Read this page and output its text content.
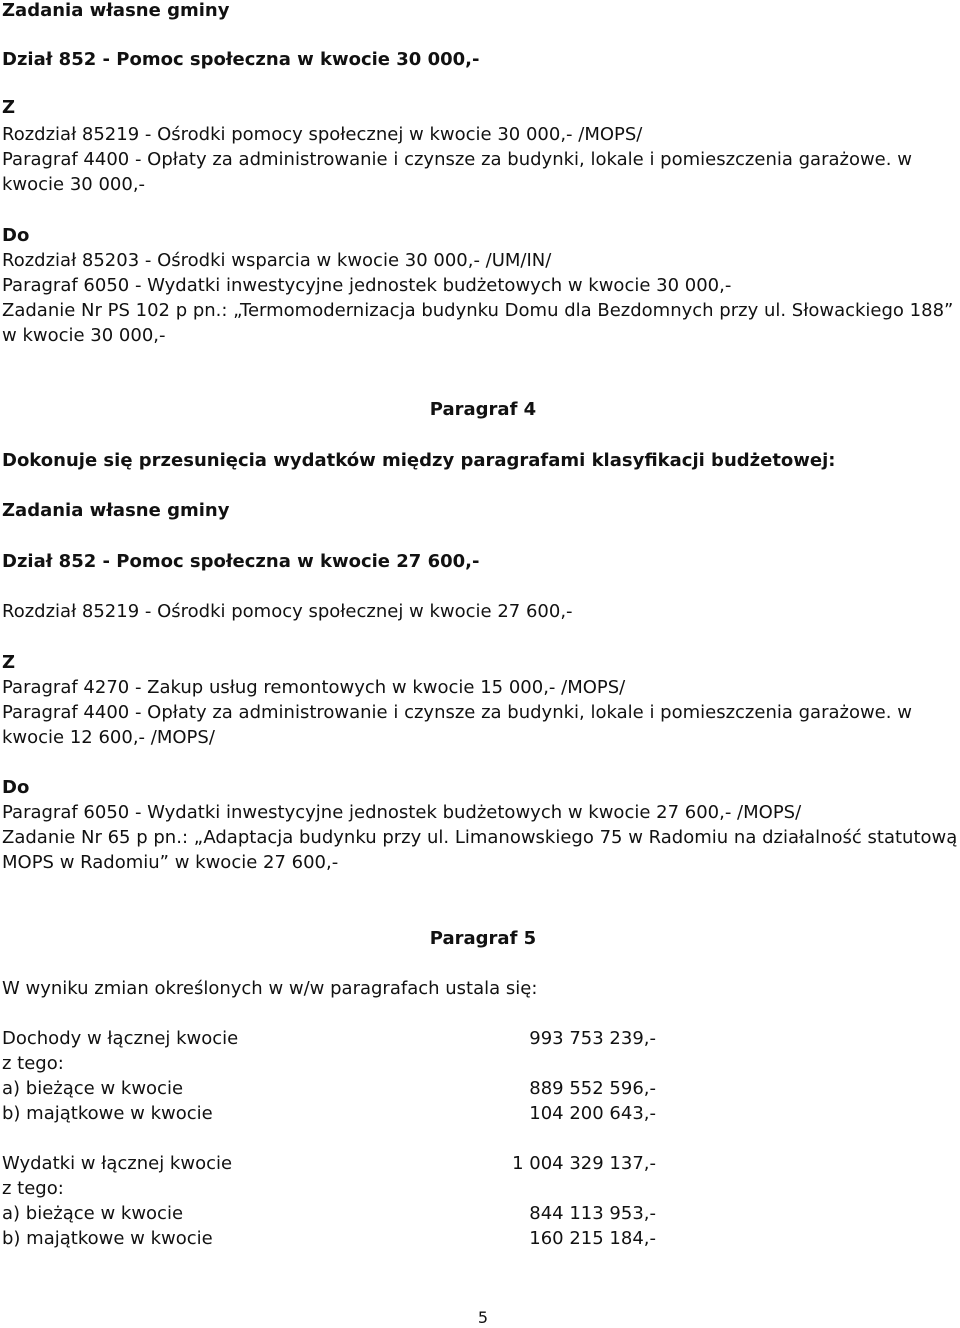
Zadania własne gminy
Dział 852 - Pomoc społeczna w kwocie 30 000,-
Z
Rozdział 85219 - Ośrodki pomocy społecznej w kwocie 30 000,- /MOPS/
Paragraf 4400 - Opłaty za administrowanie i czynsze za budynki, lokale i pomieszczenia garażowe. w
kwocie 30 000,-
Do
Rozdział 85203 - Ośrodki wsparcia w kwocie 30 000,- /UM/IN/
Paragraf 6050 - Wydatki inwestycyjne jednostek budżetowych w kwocie 30 000,-
Zadanie Nr PS 102 p pn.: „Termomodernizacja budynku Domu dla Bezdomnych przy ul. Słowackiego 188”
w kwocie 30 000,-
Paragraf 4
Dokonuje się przesunięcia wydatków między paragrafami klasyfikacji budżetowej:
Zadania własne gminy
Dział 852 - Pomoc społeczna w kwocie 27 600,-
Rozdział 85219 - Ośrodki pomocy społecznej w kwocie 27 600,-
Z
Paragraf 4270 - Zakup usług remontowych w kwocie 15 000,- /MOPS/
Paragraf 4400 - Opłaty za administrowanie i czynsze za budynki, lokale i pomieszczenia garażowe. w
kwocie 12 600,- /MOPS/
Do
Paragraf 6050 - Wydatki inwestycyjne jednostek budżetowych w kwocie 27 600,- /MOPS/
Zadanie Nr 65 p pn.: „Adaptacja budynku przy ul. Limanowskiego 75 w Radomiu na działalność statutową
MOPS w Radomiu” w kwocie 27 600,-
Paragraf 5
W wyniku zmian określonych w w/w paragrafach ustala się:
Dochody w łącznej kwocie	993 753 239,-
z tego:
a) bieżące w kwocie	889 552 596,-
b) majątkowe w kwocie	104 200 643,-
Wydatki w łącznej kwocie	1 004 329 137,-
z tego:
a) bieżące w kwocie	844 113 953,-
b) majątkowe w kwocie	160 215 184,-
5
